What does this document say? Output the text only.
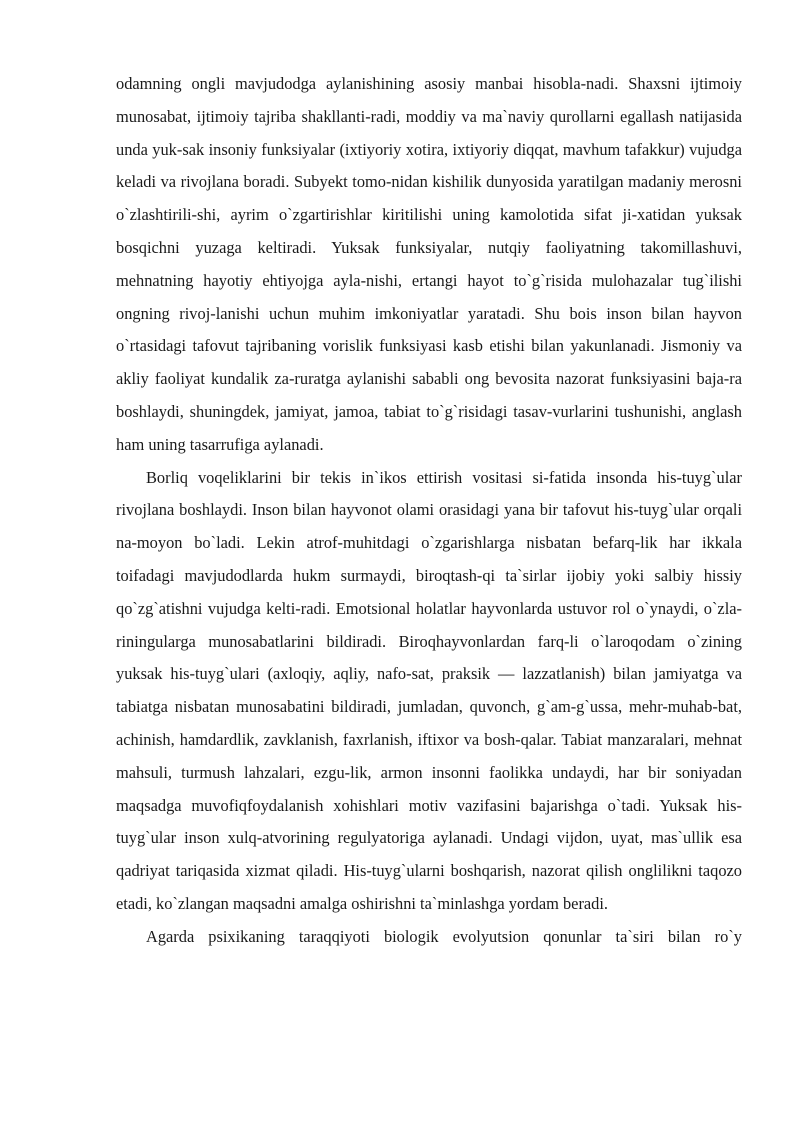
odamning ongli mavjudodga aylanishining asosiy manbai hisobla-nadi. Shaxsni ijtimoiy munosabat, ijtimoiy tajriba shakllanti-radi, moddiy va ma`naviy qurollarni egallash natijasida unda yuk-sak insoniy funksiyalar (ixtiyoriy xotira, ixtiyoriy diqqat, mavhum tafakkur) vujudga keladi va rivojlana boradi. Subyekt tomo-nidan kishilik dunyosida yaratilgan madaniy merosni o`zlashtirili-shi, ayrim o`zgartirishlar kiritilishi uning kamolotida sifat ji-xatidan yuksak bosqichni yuzaga keltiradi. Yuksak funksiyalar, nutqiy faoliyatning takomillashuvi, mehnatning hayotiy ehtiyojga ayla-nishi, ertangi hayot to`g`risida mulohazalar tug`ilishi ongning rivoj-lanishi uchun muhim imkoniyatlar yaratadi. Shu bois inson bilan hayvon o`rtasidagi tafovut tajribaning vorislik funksiyasi kasb etishi bilan yakunlanadi. Jismoniy va akliy faoliyat kundalik za-ruratga aylanishi sababli ong bevosita nazorat funksiyasini baja-ra boshlaydi, shuningdek, jamiyat, jamoa, tabiat to`g`risidagi tasav-vurlarini tushunishi, anglash ham uning tasarrufiga aylanadi.

Borliq voqeliklarini bir tekis in`ikos ettirish vositasi si-fatida insonda his-tuyg`ular rivojlana boshlaydi. Inson bilan hayvonot olami orasidagi yana bir tafovut his-tuyg`ular orqali na-moyon bo`ladi. Lekin atrof-muhitdagi o`zgarishlarga nisbatan befarq-lik har ikkala toifadagi mavjudodlarda hukm surmaydi, biroqtash-qi ta`sirlar ijobiy yoki salbiy hissiy qo`zg`atishni vujudga kelti-radi. Emotsional holatlar hayvonlarda ustuvor rol o`ynaydi, o`zla-riningularga munosabatlarini bildiradi. Biroqhayvonlardan farq-li o`laroqodam o`zining yuksak his-tuyg`ulari (axloqiy, aqliy, nafo-sat, praksik — lazzatlanish) bilan jamiyatga va tabiatga nisbatan munosabatini bildiradi, jumladan, quvonch, g`am-g`ussa, mehr-muhab-bat, achinish, hamdardlik, zavklanish, faxrlanish, iftixor va bosh-qalar. Tabiat manzaralari, mehnat mahsuli, turmush lahzalari, ezgu-lik, armon insonni faolikka undaydi, har bir soniyadan maqsadga muvofiqfoydalanish xohishlari motiv vazifasini bajarishga o`tadi. Yuksak his-tuyg`ular inson xulq-atvorining regulyatoriga aylanadi. Undagi vijdon, uyat, mas`ullik esa qadriyat tariqasida xizmat qiladi. His-tuyg`ularni boshqarish, nazorat qilish onglilikni taqozo etadi, ko`zlangan maqsadni amalga oshirishni ta`minlashga yordam beradi.

Agarda psixikaning taraqqiyoti biologik evolyutsion qonunlar ta`siri bilan ro`y
